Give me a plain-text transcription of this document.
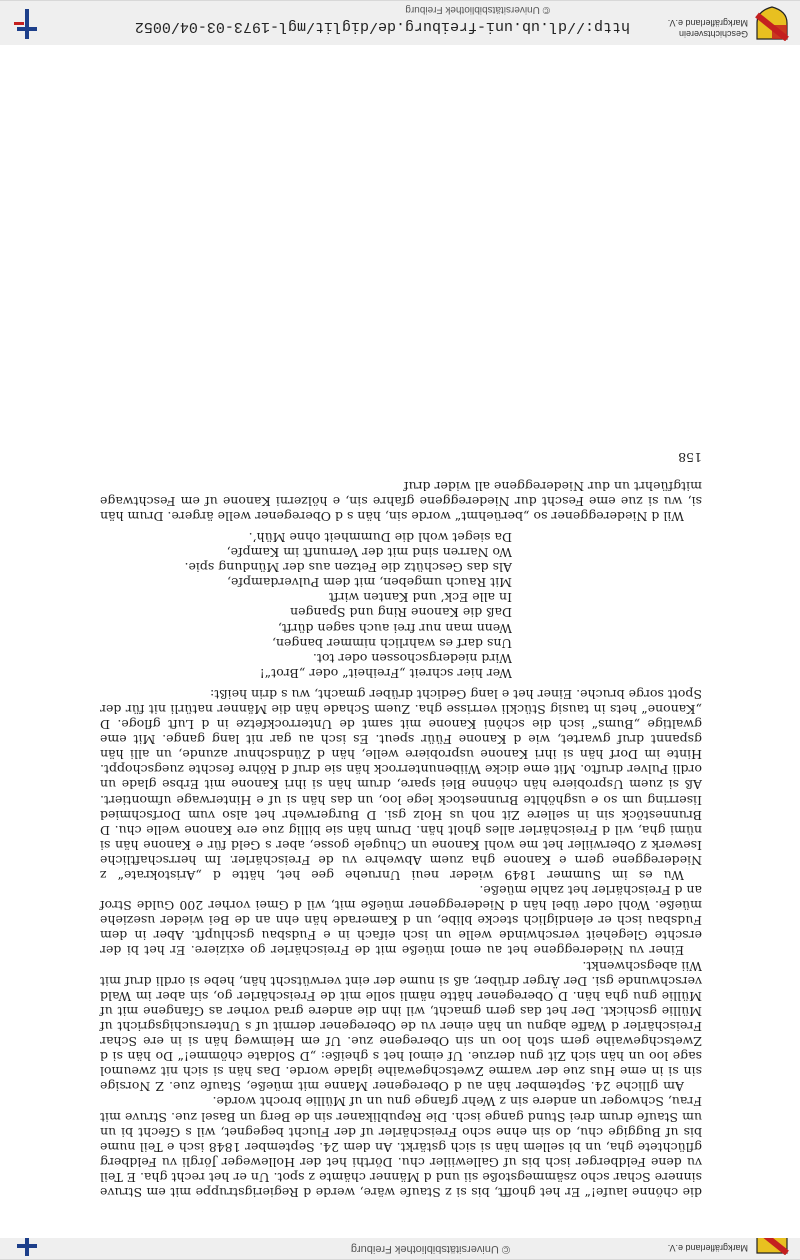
Geschichtsverein
Markgräflerland e.V.
http://dl.ub.uni-freiburg.de/diglit/mgl-1973-03-04/0052
© Universitätsbibliothek Freiburg

die chönne laufe!“ Er het ghofft, bis si z Staufe wäre, werde d Regierigstruppe mit em Struve sinnere Schar scho zsämmegstoße sii und d Männer chämte z spot. Un er het recht gha. E Teil vu dene Feldberger isch bis uf Gallewiiler chu. Dörthi het der Holleweger Jörgli vu Feldberg gflüchtete gha, un bi sellem hän si sich gstärkt. An dem 24. September 1848 isch e Teil nume bis uf Buggige chu, do sin ehne scho Freischärler uf der Flucht begegnet, wil s Gfecht bi un um Staufe drum drei Stund gange isch. Die Republikaner sin de Berg un Basel zue. Struve mit Frau, Schwoger un andere sin z Wehr gfange gnu un uf Müllie brocht worde.

Am glliche 24. September hän au d Oberegener Manne mit müeße, Staufe zue. Z Norsige sin si in eme Hus zue der warme Zwetschgewaihe iglade worde. Das hän si sich nit zweumol sage loo un hän sich Zit gnu derzue. Uf eimol het s gheiße: „D Soldate chömme!“ Do hän si d Zwetschgewaihe gern stoh loo un sin Oberegene zue. Uf em Heimweg hän si in ere Schar Freischärler d Waffe abgnu un hän einer vu de Oberegener dermit uf s Untersuchigsgricht uf Müllie gschickt. Der het das gern gmacht, wil ihn die andere grad vorher as Gfangene mit uf Müllie gnu gha hän. D Oberegener hätte nämli solle mit de Freischärler go, sin aber im Wald verschwunde gsi. Der Ärger drüber, aß si nume der eint verwütscht hän, hebe si ordli druf mit Wii abegschwenkt.

Einer vu Niedereggene het au emol müeße mit de Freischärler go exiziere. Er het bi der erschte Glegeheit verschwinde welle un isch eifach in e Fudsbau gschlupft. Aber in dem Fudsbau isch er elendiglich stecke blibe, un d Kamerade hän ehn an de Bei wieder useziehe müeße. Wohl oder übel hän d Niedereggener müeße mit, wil d Gmei vorher 200 Gulde Strof an d Freischärler het zahle müeße.

Wu es im Summer 1849 wieder neui Unruehe gee het, hätte d „Aristokrate“ z Niedereggene gern e Kanone gha zuem Abwehre vu de Freischärler. Im herrschaftliche Isewerk z Oberwiiler het me wohl Kanone un Chugele gosse, aber s Geld für e Kanone hän si nümi gha, wil d Freischärler alles gholt hän. Drum hän sie billig zue ere Kanone welle chu. D Brunnestöck sin in sellere Zit noh us Holz gsi. D Burgerwehr het also vum Dorfschmied Iiserring um so e usghöhlte Brunnestock lege loo, un das hän si uf e Hinterwage ufmontiert. Aß si zuem Usprobiere hän chönne Blei spare, drum hän si ihri Kanone mit Erbse glade un ordli Pulver drufto. Mit eme dicke Wiibenunterrock hän sie druf d Röhre feschte zuegschoppt. Hinte im Dorf hän si ihri Kanone usprobiere welle, hän d Zündschnur azunde, un alli hän gspannt druf gwartet, wie d Kanone Füür speut. Es isch au gar nit lang gange. Mit eme gwaltige „Bums“ isch die schöni Kanone mit samt de Unterrockfetze in d Luft gfloge. D „Kanone“ hets in tausig Stückli verrisse gha. Zuem Schade hän die Männer natürli nit für der Spott sorge bruche. Einer het e lang Gedicht drüber gmacht, wu s drin heißt:

Wer hier schreit „Freiheit“ oder „Brot“!
Wird niedergschossen oder tot.
Uns darf es wahrlich nimmer bangen,
Wenn man nur frei auch sagen dürft,
Daß die Kanone Ring und Spangen
In alle Eck’ und Kanten wirft
Mit Rauch umgeben, mit dem Pulverdampfe,
Als das Geschütz die Fetzen aus der Mündung spie.
Wo Narren sind mit der Vernunft im Kampfe,
Da sieget wohl die Dummheit ohne Müh’.

Wil d Niedereggener so „berüehmt“ worde sin, hän s d Oberegener welle ärgere. Drum hän si, wu si zue eme Fescht dur Niedereggene gfahre sin, e hölzerni Kanone uf em Feschtwage mitgfüehrt un dur Niedereggene all wider druf

158
Markgräflerland e.V.
© Universitätsbibliothek Freiburg
